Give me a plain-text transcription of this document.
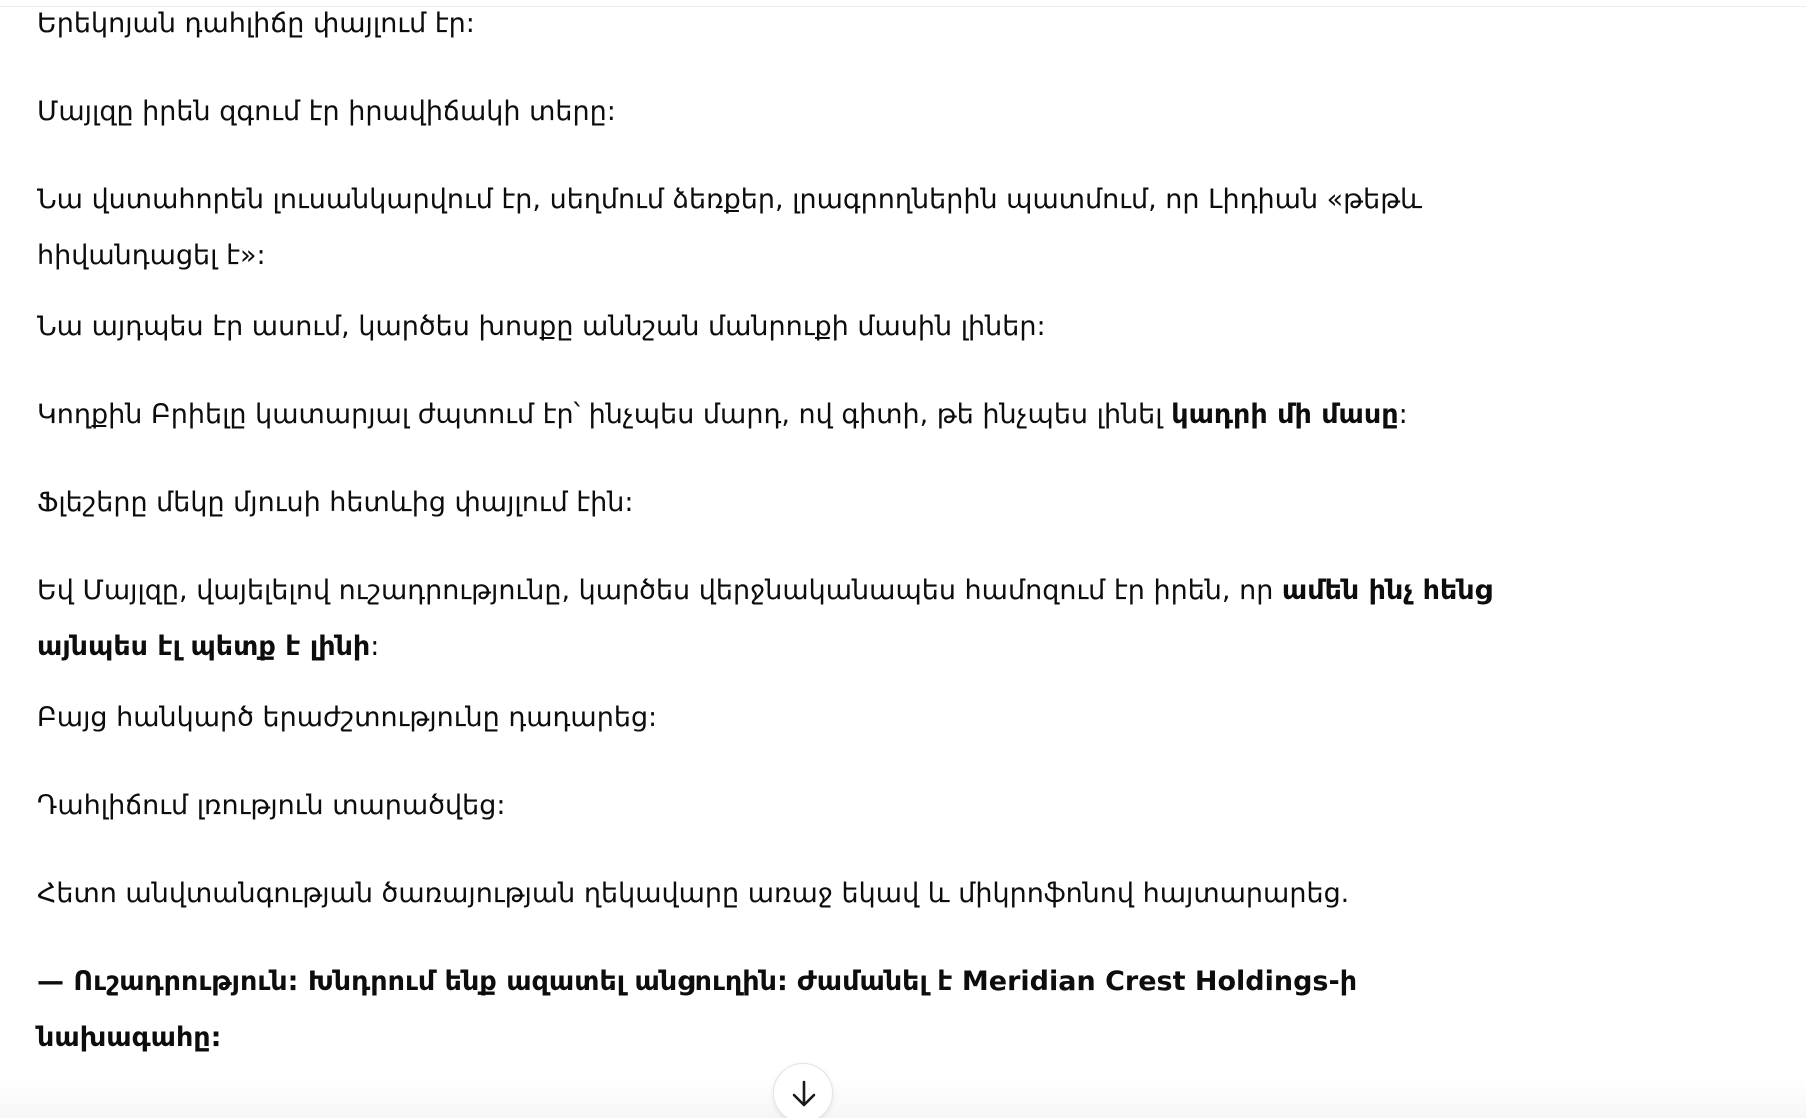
Երեկոյան դահլիճը փայլում էր:
Մայլզը իրեն զգում էր իրավիճակի տերը:
Նա վստահորեն լուսանկարվում էր, սեղմում ձեռքեր, լրագրողներին պատմում, որ Լիդիան «թեթև
հիվանդացել է»:
Նա այդպես էր ասում, կարծես խոսքը աննշան մանրուքի մասին լիներ:
Կողքին Բրիելը կատարյալ ժպտում էր՝ ինչպես մարդ, ով գիտի, թե ինչպես լինել կադրի մի մասը:
Ֆլեշերը մեկը մյուսի հետևից փայլում էին:
Եվ Մայլզը, վայելելով ուշադրությունը, կարծես վերջնականապես համոզում էր իրեն, որ ամեն ինչ հենց
այնպես էլ պետք է լինի:
Բայց հանկարծ երաժշտությունը դադարեց:
Դահլիճում լռություն տարածվեց:
Հետո անվտանգության ծառայության ղեկավարը առաջ եկավ և միկրոֆոնով հայտարարեց.
— Ուշադրություն: Խնդրում ենք ազատել անցուղին: Ժամանել է Meridian Crest Holdings-ի
նախագահը:
